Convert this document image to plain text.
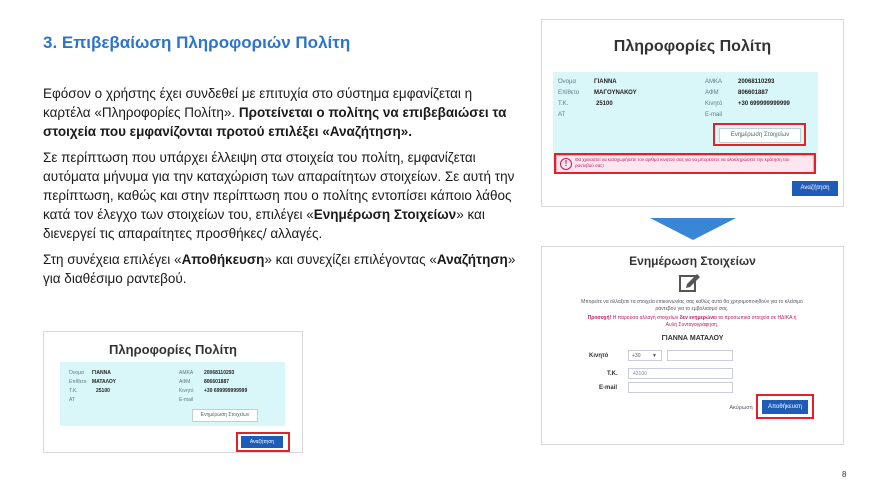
3. Επιβεβαίωση Πληροφοριών Πολίτη

Εφόσον ο χρήστης έχει συνδεθεί με επιτυχία στο σύστημα εμφανίζεται η καρτέλα «Πληροφορίες Πολίτη». Προτείνεται ο πολίτης να επιβεβαιώσει τα στοιχεία που εμφανίζονται προτού επιλέξει «Αναζήτηση».

Σε περίπτωση που υπάρχει έλλειψη στα στοιχεία του πολίτη, εμφανίζεται αυτόματα μήνυμα για την καταχώριση των απαραίτητων στοιχείων. Σε αυτή την περίπτωση, καθώς και στην περίπτωση που ο πολίτης εντοπίσει κάποιο λάθος κατά τον έλεγχο των στοιχείων του, επιλέγει «Ενημέρωση Στοιχείων» και διενεργεί τις απαραίτητες προσθήκες/ αλλαγές.

Στη συνέχεια επιλέγει «Αποθήκευση» και συνεχίζει επιλέγοντας «Αναζήτηση» για διαθέσιμο ραντεβού.

Πληροφορίες Πολίτη
Όνομα ΓΙΑΝΝΑ
Επίθετο ΜΑΤΑΛΟΥ
Τ.Κ.	25100
ΑΤ
ΑΜΚΑ 20068110293
ΑΦΜ	806601887
Κινητό +30 699999999999
E-mail
Ενημέρωση Στοιχείων
Αναζήτηση
Πληροφορίες Πολίτη
Όνομα	ΓΙΑΝΝΑ
Επίθετο ΜΑΓΟΥΝΑΚΟΥ
Τ.Κ.	25100
ΑΤ
ΑΜΚΑ	20068110293
ΑΦΜ	806601887
Κινητό	+30 699999999999
E-mail
Ενημέρωση Στοιχείων
!	Θα χρειαστεί να καταχωρήσετε τον αριθμό κινητού σας για να μπορέσετε να ολοκληρώσετε την κράτηση του ραντεβού σας!
Αναζήτηση
Ενημέρωση Στοιχείων
Μπορείτε να αλλάξετε τα στοιχεία επικοινωνίας σας καθώς αυτά θα χρησιμοποιηθούν για το κλείσιμο ραντεβού για το εμβολιασμό σας.
Προσοχή! Η παρούσα αλλαγή στοιχείων δεν ενημερώνει τα προσωπικά στοιχεία σε ΗΔΙΚΑ ή Αυλή Συνταγογράφηση.
ΓΙΑΝΝΑ ΜΑΤΑΛΟΥ
Κινητό	+30 ▼
Τ.Κ.	43100
E-mail
Ακύρωση	Αποθήκευση
8
